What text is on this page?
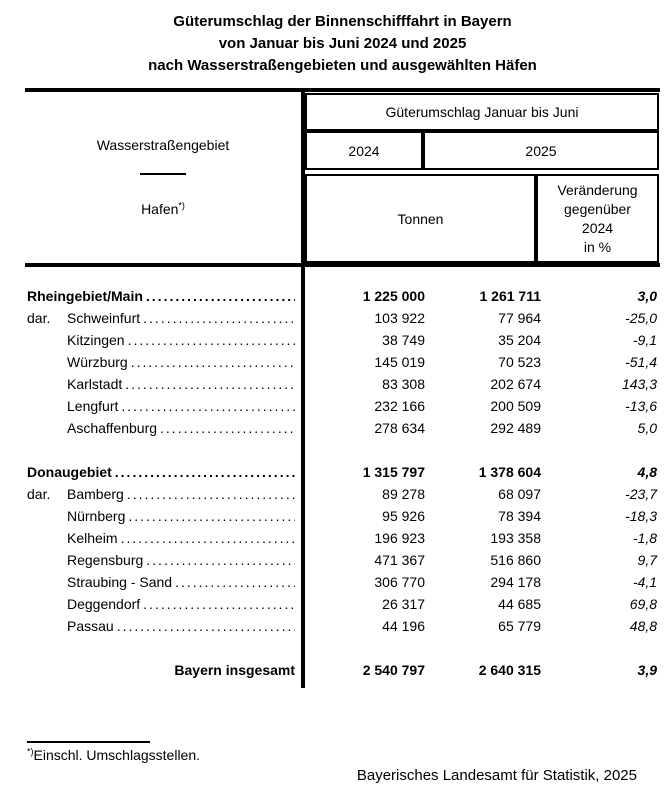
Güterumschlag der Binnenschifffahrt in Bayern
von Januar bis Juni 2024 und 2025
nach Wasserstraßengebieten und ausgewählten Häfen
Wasserstraßengebiet
Hafen*)
Güterumschlag Januar bis Juni
2024	2025
Tonnen
Veränderung
gegenüber
2024
in %
Rheingebiet/Main .....	1 225 000	1 261 711	3,0
dar.	Schweinfurt .....	103 922	77 964	-25,0
Kitzingen .....	38 749	35 204	-9,1
Würzburg .....	145 019	70 523	-51,4
Karlstadt .....	83 308	202 674	143,3
Lengfurt .....	232 166	200 509	-13,6
Aschaffenburg .....	278 634	292 489	5,0
Donaugebiet .....	1 315 797	1 378 604	4,8
dar.	Bamberg .....	89 278	68 097	-23,7
Nürnberg .....	95 926	78 394	-18,3
Kelheim .....	196 923	193 358	-1,8
Regensburg .....	471 367	516 860	9,7
Straubing - Sand .....	306 770	294 178	-4,1
Deggendorf .....	26 317	44 685	69,8
Passau .....	44 196	65 779	48,8
Bayern insgesamt	2 540 797	2 640 315	3,9
*)Einschl. Umschlagsstellen.
Bayerisches Landesamt für Statistik, 2025
